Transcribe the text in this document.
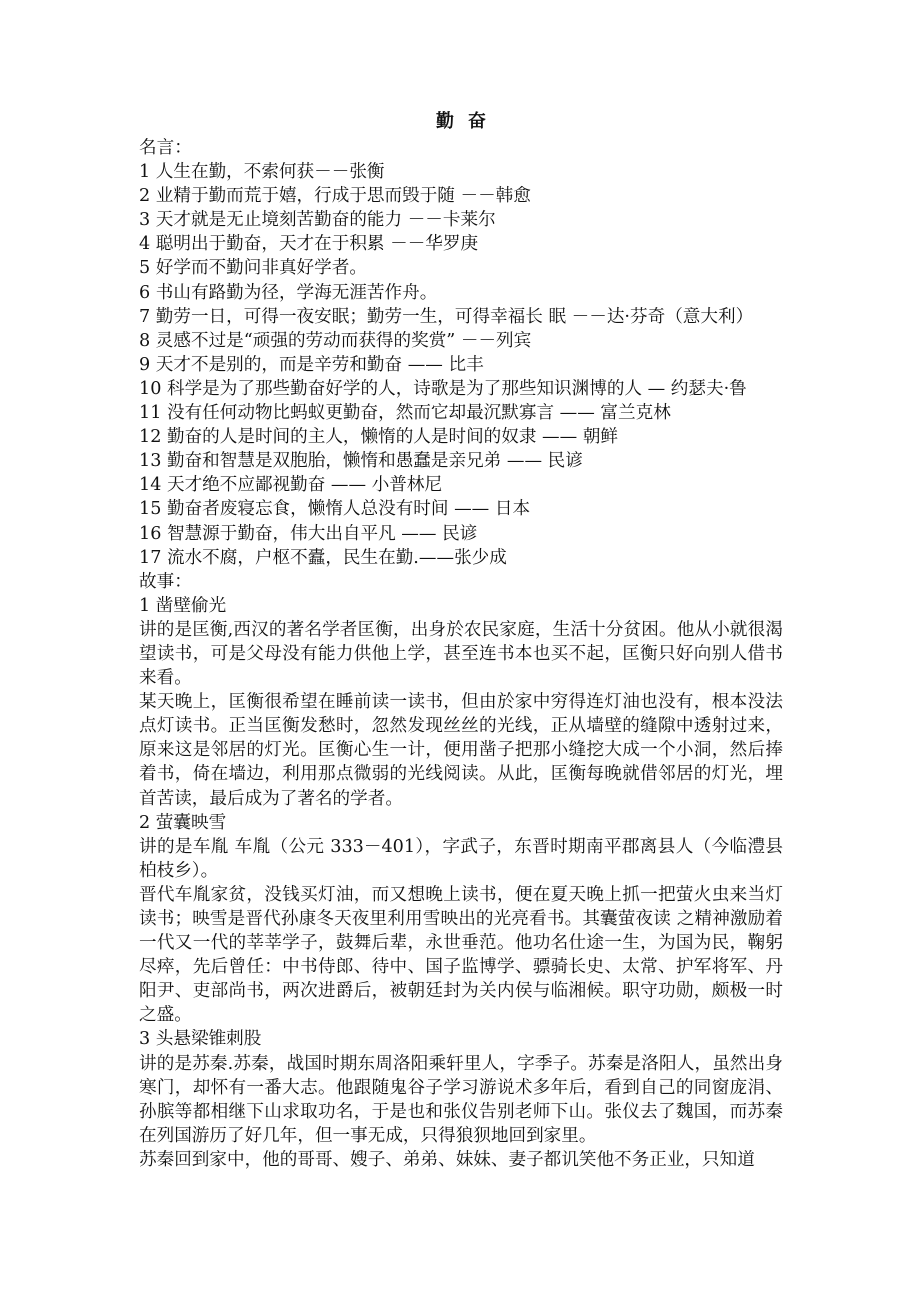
勤奋
名言：
1 人生在勤，不索何获－－张衡
2 业精于勤而荒于嬉，行成于思而毁于随 －－韩愈
3 天才就是无止境刻苦勤奋的能力 －－卡莱尔
4 聪明出于勤奋，天才在于积累 －－华罗庚
5 好学而不勤问非真好学者。
6 书山有路勤为径，学海无涯苦作舟。
7 勤劳一日，可得一夜安眠；勤劳一生，可得幸福长 眠 －－达·芬奇（意大利）
8 灵感不过是“顽强的劳动而获得的奖赏” －－列宾
9 天才不是别的，而是辛劳和勤奋 —— 比丰
10 科学是为了那些勤奋好学的人，诗歌是为了那些知识渊博的人 — 约瑟夫·鲁
11 没有任何动物比蚂蚁更勤奋，然而它却最沉默寡言 —— 富兰克林
12 勤奋的人是时间的主人，懒惰的人是时间的奴隶 —— 朝鲜
13 勤奋和智慧是双胞胎，懒惰和愚蠢是亲兄弟 —— 民谚
14 天才绝不应鄙视勤奋 —— 小普林尼
15 勤奋者废寝忘食，懒惰人总没有时间 —— 日本
16 智慧源于勤奋，伟大出自平凡 —— 民谚
17 流水不腐，户枢不蠹，民生在勤.——张少成
故事：
1 凿壁偷光
讲的是匡衡,西汉的著名学者匡衡，出身於农民家庭，生活十分贫困。他从小就很渴望读书，可是父母没有能力供他上学，甚至连书本也买不起，匡衡只好向别人借书来看。
某天晚上，匡衡很希望在睡前读一读书，但由於家中穷得连灯油也没有，根本没法点灯读书。正当匡衡发愁时，忽然发现丝丝的光线，正从墙壁的缝隙中透射过来，原来这是邻居的灯光。匡衡心生一计，便用凿子把那小缝挖大成一个小洞，然后捧着书，倚在墙边，利用那点微弱的光线阅读。从此，匡衡每晚就借邻居的灯光，埋首苦读，最后成为了著名的学者。
2 萤囊映雪
讲的是车胤 车胤（公元 333－401），字武子，东晋时期南平郡离县人（今临澧县柏枝乡）。
晋代车胤家贫，没钱买灯油，而又想晚上读书，便在夏天晚上抓一把萤火虫来当灯读书；映雪是晋代孙康冬天夜里利用雪映出的光亮看书。其囊萤夜读 之精神激励着一代又一代的莘莘学子，鼓舞后辈，永世垂范。他功名仕途一生，为国为民，鞠躬尽瘁，先后曾任：中书侍郎、待中、国子监博学、骠骑长史、太常、护军将军、丹阳尹、吏部尚书，两次进爵后，被朝廷封为关内侯与临湘候。职守功勋，颇极一时之盛。
3 头悬梁锥刺股
讲的是苏秦.苏秦，战国时期东周洛阳乘轩里人，字季子。苏秦是洛阳人，虽然出身寒门，却怀有一番大志。他跟随鬼谷子学习游说术多年后，看到自己的同窗庞涓、孙膑等都相继下山求取功名，于是也和张仪告别老师下山。张仪去了魏国，而苏秦在列国游历了好几年，但一事无成，只得狼狈地回到家里。
苏秦回到家中，他的哥哥、嫂子、弟弟、妹妹、妻子都讥笑他不务正业，只知道
